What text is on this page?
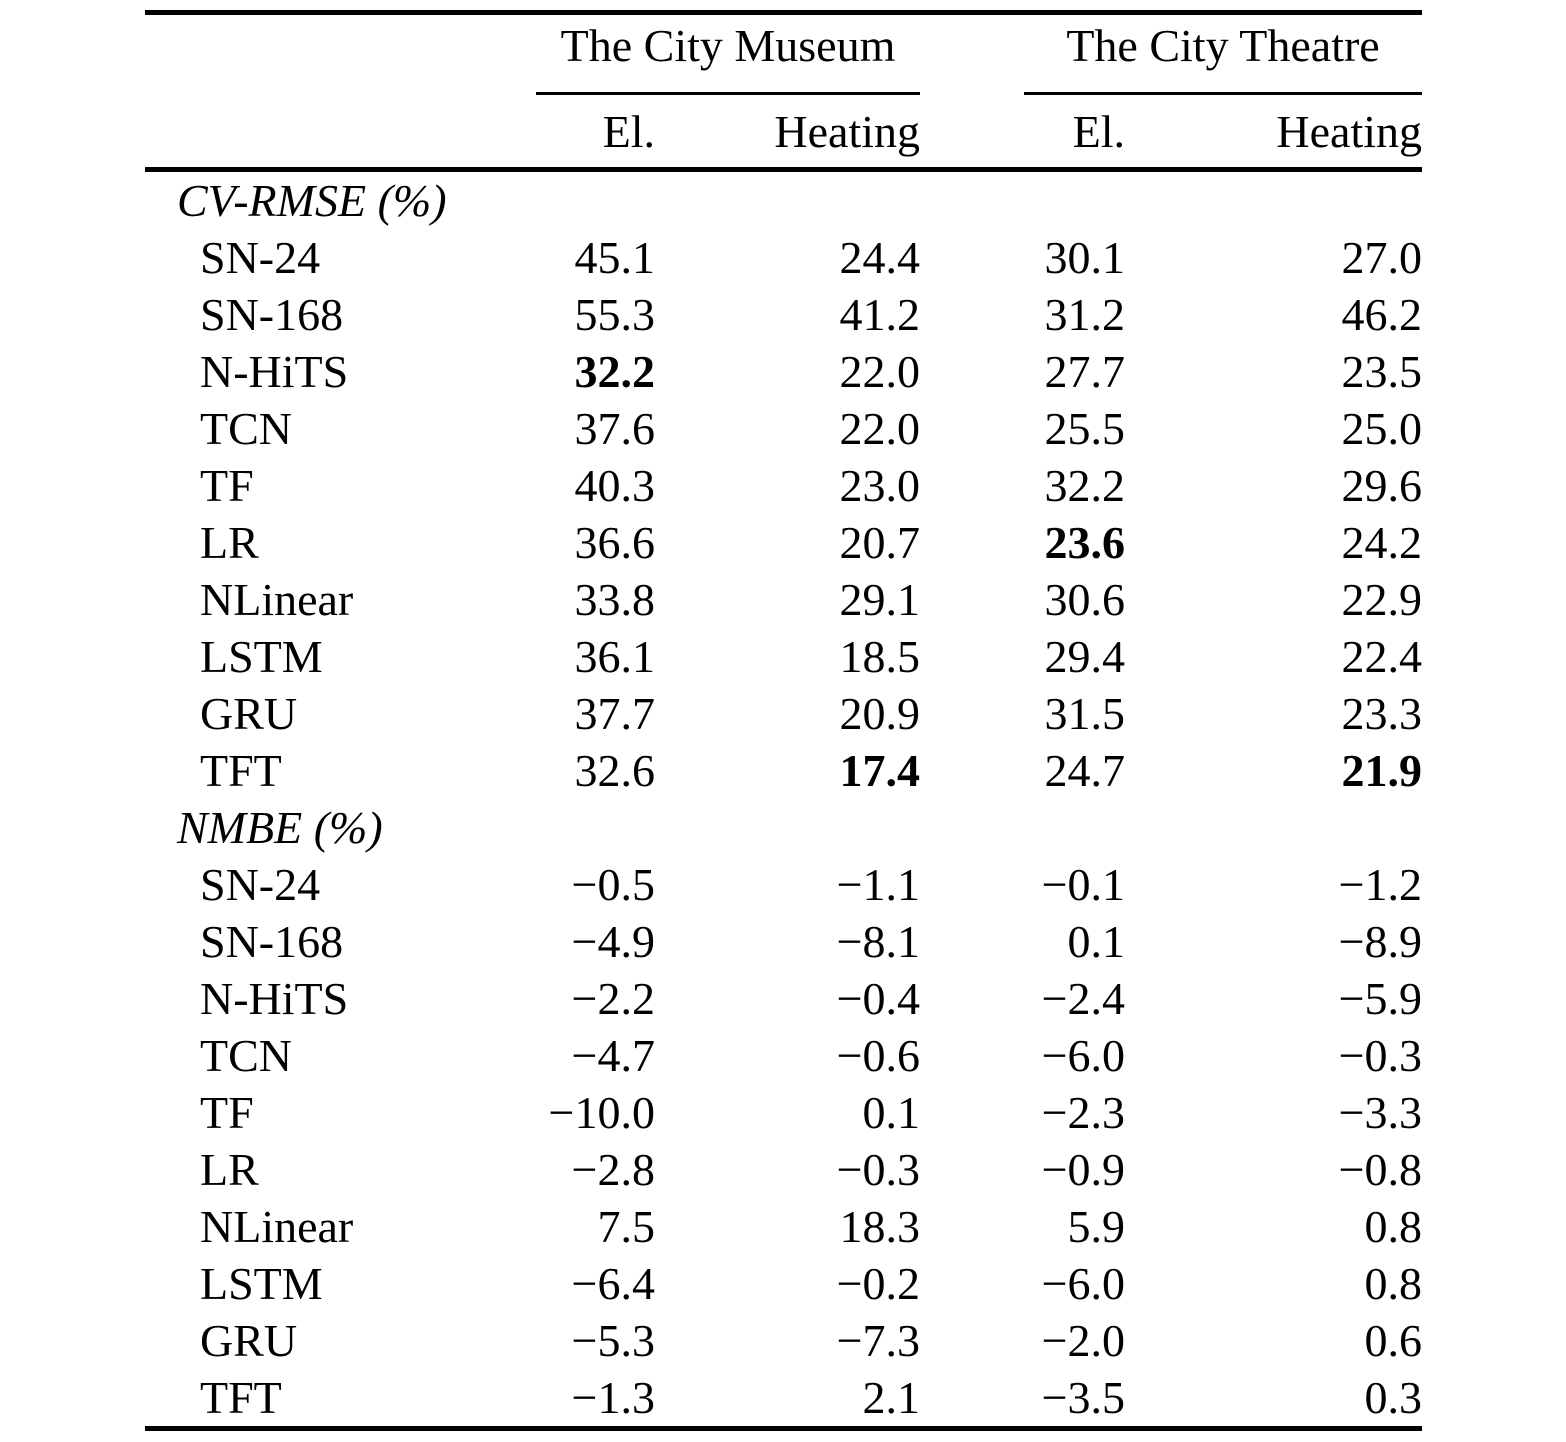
	The City Museum		The City Theatre	

	El.	Heating	El.	Heating
CV-RMSE (%)				
SN-24	45.1	24.4	30.1	27.0
SN-168	55.3	41.2	31.2	46.2
N-HiTS	32.2	22.0	27.7	23.5
TCN	37.6	22.0	25.5	25.0
TF	40.3	23.0	32.2	29.6
LR	36.6	20.7	23.6	24.2
NLinear	33.8	29.1	30.6	22.9
LSTM	36.1	18.5	29.4	22.4
GRU	37.7	20.9	31.5	23.3
TFT	32.6	17.4	24.7	21.9
NMBE (%)				
SN-24	−0.5	−1.1	−0.1	−1.2
SN-168	−4.9	−8.1	0.1	−8.9
N-HiTS	−2.2	−0.4	−2.4	−5.9
TCN	−4.7	−0.6	−6.0	−0.3
TF	−10.0	0.1	−2.3	−3.3
LR	−2.8	−0.3	−0.9	−0.8
NLinear	7.5	18.3	5.9	0.8
LSTM	−6.4	−0.2	−6.0	0.8
GRU	−5.3	−7.3	−2.0	0.6
TFT	−1.3	2.1	−3.5	0.3
